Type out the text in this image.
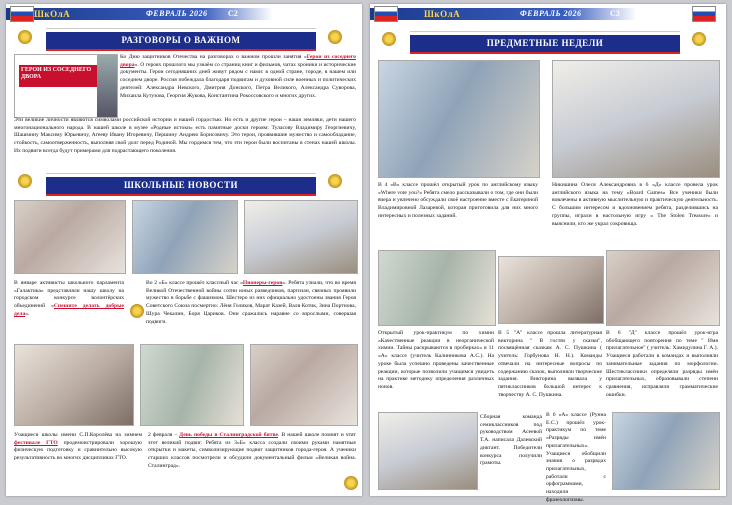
ШкОлА	ФЕВРАЛЬ 2026	С2
РАЗГОВОРЫ О ВАЖНОМ
ГЕРОИ ИЗ СОСЕДНЕГО ДВОРА
Ко Дню защитников Отечества на разговорах о важном прошли занятия «Герои из соседнего двора». О героях прошлого мы узнаём со страниц книг и фильмов, чатах хроники и исторические документы. Герои сегодняшних дней живут рядом с нами: в одной стране, городе, в нашем или соседнем дворе. Россия побеждала благодаря подвигам и духовной силе военных и политических деятелей: Александра Невского, Дмитрия Донского, Петра Великого, Александра Суворова, Михаила Кутузова, Георгия Жукова, Константина Рокоссовского и многих других.
Эти великие личности являются символами российской истории и нашей гордостью. Но есть и другие герои – наши земляки, дети нашего многонационального народа. В нашей школе в музее «Родные истоки» есть памятные доски героям: Туласову Владимиру Георгиевичу, Шашмину Максиму Юрьевичу, Агееву Ивану Игоревичу, Першину Андрею Борисовичу. Это герои, проявившие мужество и самообладание, стойкость, самоотверженность, выполняя свой долг перед Родиной. Мы гордимся тем, что эти герои были воспитаны в стенах нашей школы. Их подвиги всегда будут примерами для подрастающего поколения.
ШКОЛЬНЫЕ НОВОСТИ
В январе активисты школьного парламента «Галактика» представляли нашу школу на городском конкурсе волонтёрских объединений «Спешите делать добрые дела».
Во 2 «Б» классе прошёл классный час «Пионеры-герои». Ребята узнали, что во время Великой Отечественной войны сотни юных разведчиков, партизан, связных проявили мужество в борьбе с фашизмом. Шестеро из них официально удостоены звания Героя Советского Союза посмертно: Лёня Голиков, Марат Казей, Валя Котик, Зина Портнова, Шура Чекалин, Боря Цариков. Они сражались наравне со взрослыми, совершая подвиги.
Учащиеся школы имени С.П.Королёва на зимнем фестивале ГТО продемонстрировали хорошую физическую подготовку и сравнительно высокую результативность во многих дисциплинах ГТО.
2 февраля – День победы в Сталинградской битве. В нашей школе помнят и чтят этот великий подвиг. Ребята из 3«Б» класса создали своими руками памятные открытки и макеты, символизирующие подвиг защитников города-героя. А ученики старших классов посмотрели и обсудили документальный фильм «Великая война. Сталинград».
ШкОлА	ФЕВРАЛЬ 2026	С3
ПРЕДМЕТНЫЕ НЕДЕЛИ
В 4 «В» классе прошёл открытый урок по английскому языку «Where vote you?» Ребята смело рассказывали о том, где они были вчера и увлечено обсуждали своё настроение вместе с Екатериной Владимировной Лазаревой, которая приготовила для них много интересных и полезных заданий.
Никишина Олеся Александровна в 6 «Д» классе провела урок английского языка на тему «Board Games» Все ученики были вовлечены в активную мыслительную и практическую деятельность. С большим интересом и вдохновением ребята, разделившись на группы, играли в настольную игру « The Stolen Treasure» и выяснили, кто же украл сокровища.
Открытый урок-практикум по химии «Качественные реакции в неорганической химии. Тайны раскрываются в пробирках» в 11 «А» классе (учитель Калинникова А.С.). На уроке была успешно проведены качественные реакции, которые позволили учащимся увидеть на практике методику определения различных ионов.
В 5 "А" классе прошла литературная викторина " В гостях у сказки", посвящённая сказкам А. С. Пушкина ( учитель: Горбунова Н. Н.). Команды отвечали на интересные вопросы по содержанию сказок, выполняли творческие задания. Викторина вызвала у пятиклассников большой интерес к творчеству А. С. Пушкина.
В 6 "Д" классе прошёл урок-игра обобщающего повторения по теме " Имя прилагательное" ( учитель: Хамидулина Г. А.). Учащиеся работали в командах и выполняли занимательные задания по морфологии. Шестиклассники определяли разряды имён прилагательных, образовывали степени сравнения, исправляли грамматические ошибки.
Сборная команда семиклассников под руководством Асеевой Т.А. написала Далевский диктант. Победители конкурса получили грамоты.
В 6 «А» классе (Рунна Е.С.) прошёл урок-практикум по теме «Разряды имён прилагательных». Учащиеся обобщили знания о разрядах прилагательных, работали с орфограммами, находили фразеологизмы.
